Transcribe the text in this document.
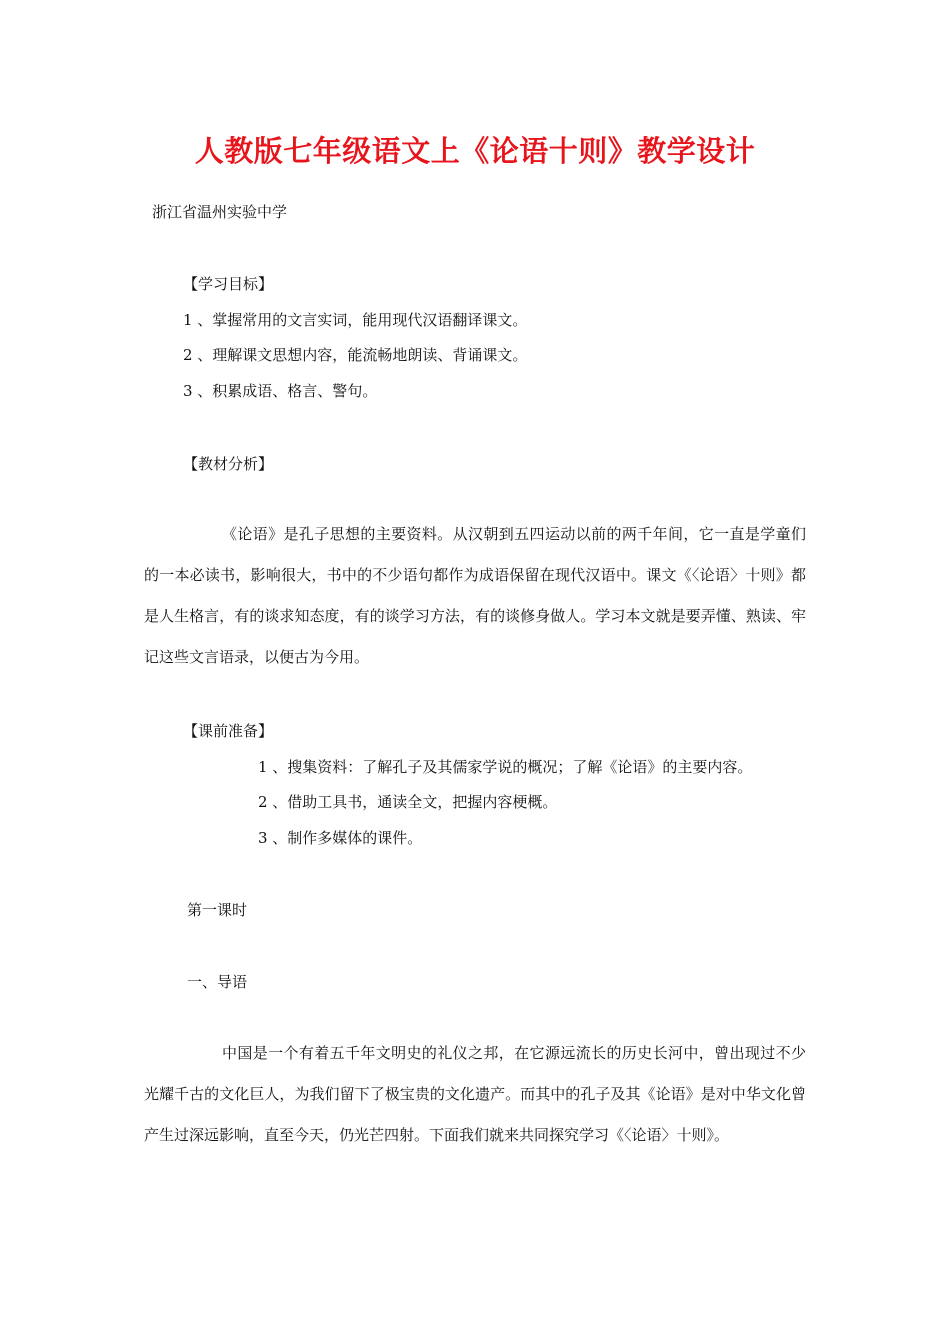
人教版七年级语文上《论语十则》教学设计
浙江省温州实验中学
【学习目标】
1 、掌握常用的文言实词，能用现代汉语翻译课文。
2 、理解课文思想内容，能流畅地朗读、背诵课文。
3 、积累成语、格言、警句。
【教材分析】
《论语》是孔子思想的主要资料。从汉朝到五四运动以前的两千年间，它一直是学童们的一本必读书，影响很大，书中的不少语句都作为成语保留在现代汉语中。课文《〈论语〉十则》都是人生格言，有的谈求知态度，有的谈学习方法，有的谈修身做人。学习本文就是要弄懂、熟读、牢记这些文言语录，以便古为今用。
【课前准备】
1 、搜集资料：了解孔子及其儒家学说的概况；了解《论语》的主要内容。
2 、借助工具书，通读全文，把握内容梗概。
3 、制作多媒体的课件。
第一课时
一、导语
中国是一个有着五千年文明史的礼仪之邦，在它源远流长的历史长河中，曾出现过不少光耀千古的文化巨人，为我们留下了极宝贵的文化遗产。而其中的孔子及其《论语》是对中华文化曾产生过深远影响，直至今天，仍光芒四射。下面我们就来共同探究学习《〈论语〉十则》。
